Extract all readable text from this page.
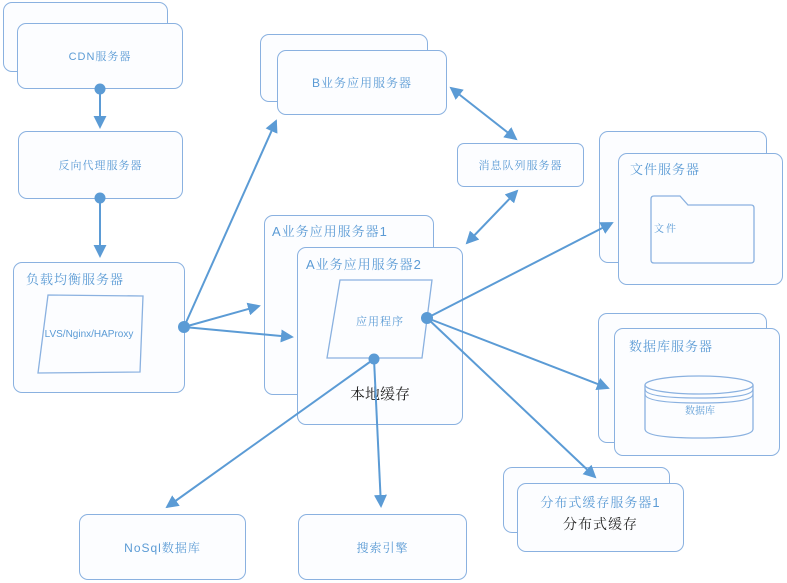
CDN服务器
反向代理服务器
负载均衡服务器
LVS/Nginx/HAProxy
B业务应用服务器
消息队列服务器	文件服务器
文件
A业务应用服务器1
A业务应用服务器2
应用程序
本地缓存
数据库服务器
数据库
分布式缓存服务器1
分布式缓存
NoSql数据库	搜索引擎
